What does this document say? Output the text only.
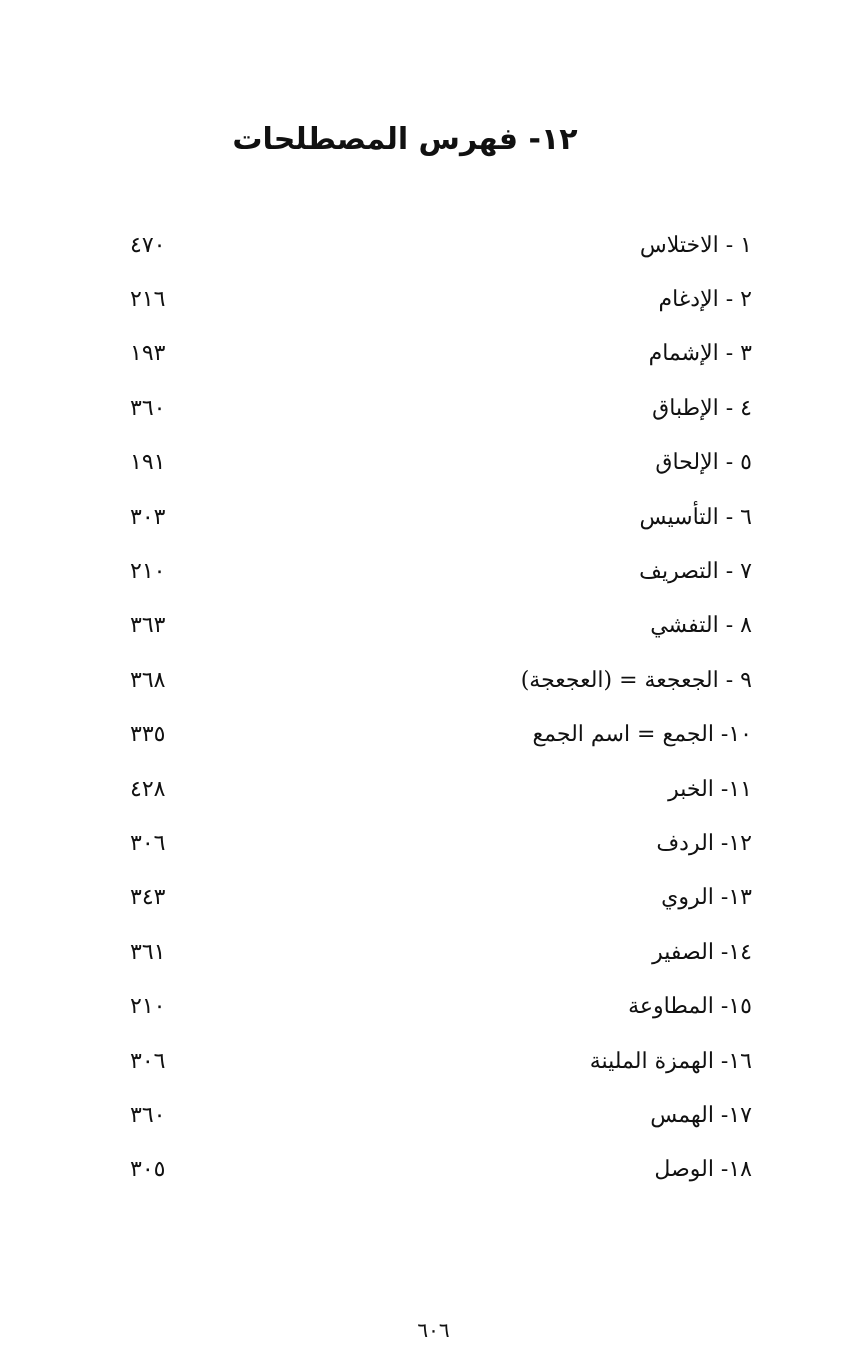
١٢- فهرس المصطلحات
٤٧٠	١ - الاختلاس
٢١٦	٢ - الإدغام
١٩٣	٣ - الإشمام
٣٦٠	٤ - الإطباق
١٩١	٥ - الإلحاق
٣٠٣	٦ - التأسيس
٢١٠	٧ - التصريف
٣٦٣	٨ - التفشي
٣٦٨	٩ - الجعجعة = (العجعجة)
٣٣٥	١٠- الجمع = اسم الجمع
٤٢٨	١١- الخبر
٣٠٦	١٢- الردف
٣٤٣	١٣- الروي
٣٦١	١٤- الصفير
٢١٠	١٥- المطاوعة
٣٠٦	١٦- الهمزة الملينة
٣٦٠	١٧- الهمس
٣٠٥	١٨- الوصل
٦٠٦
